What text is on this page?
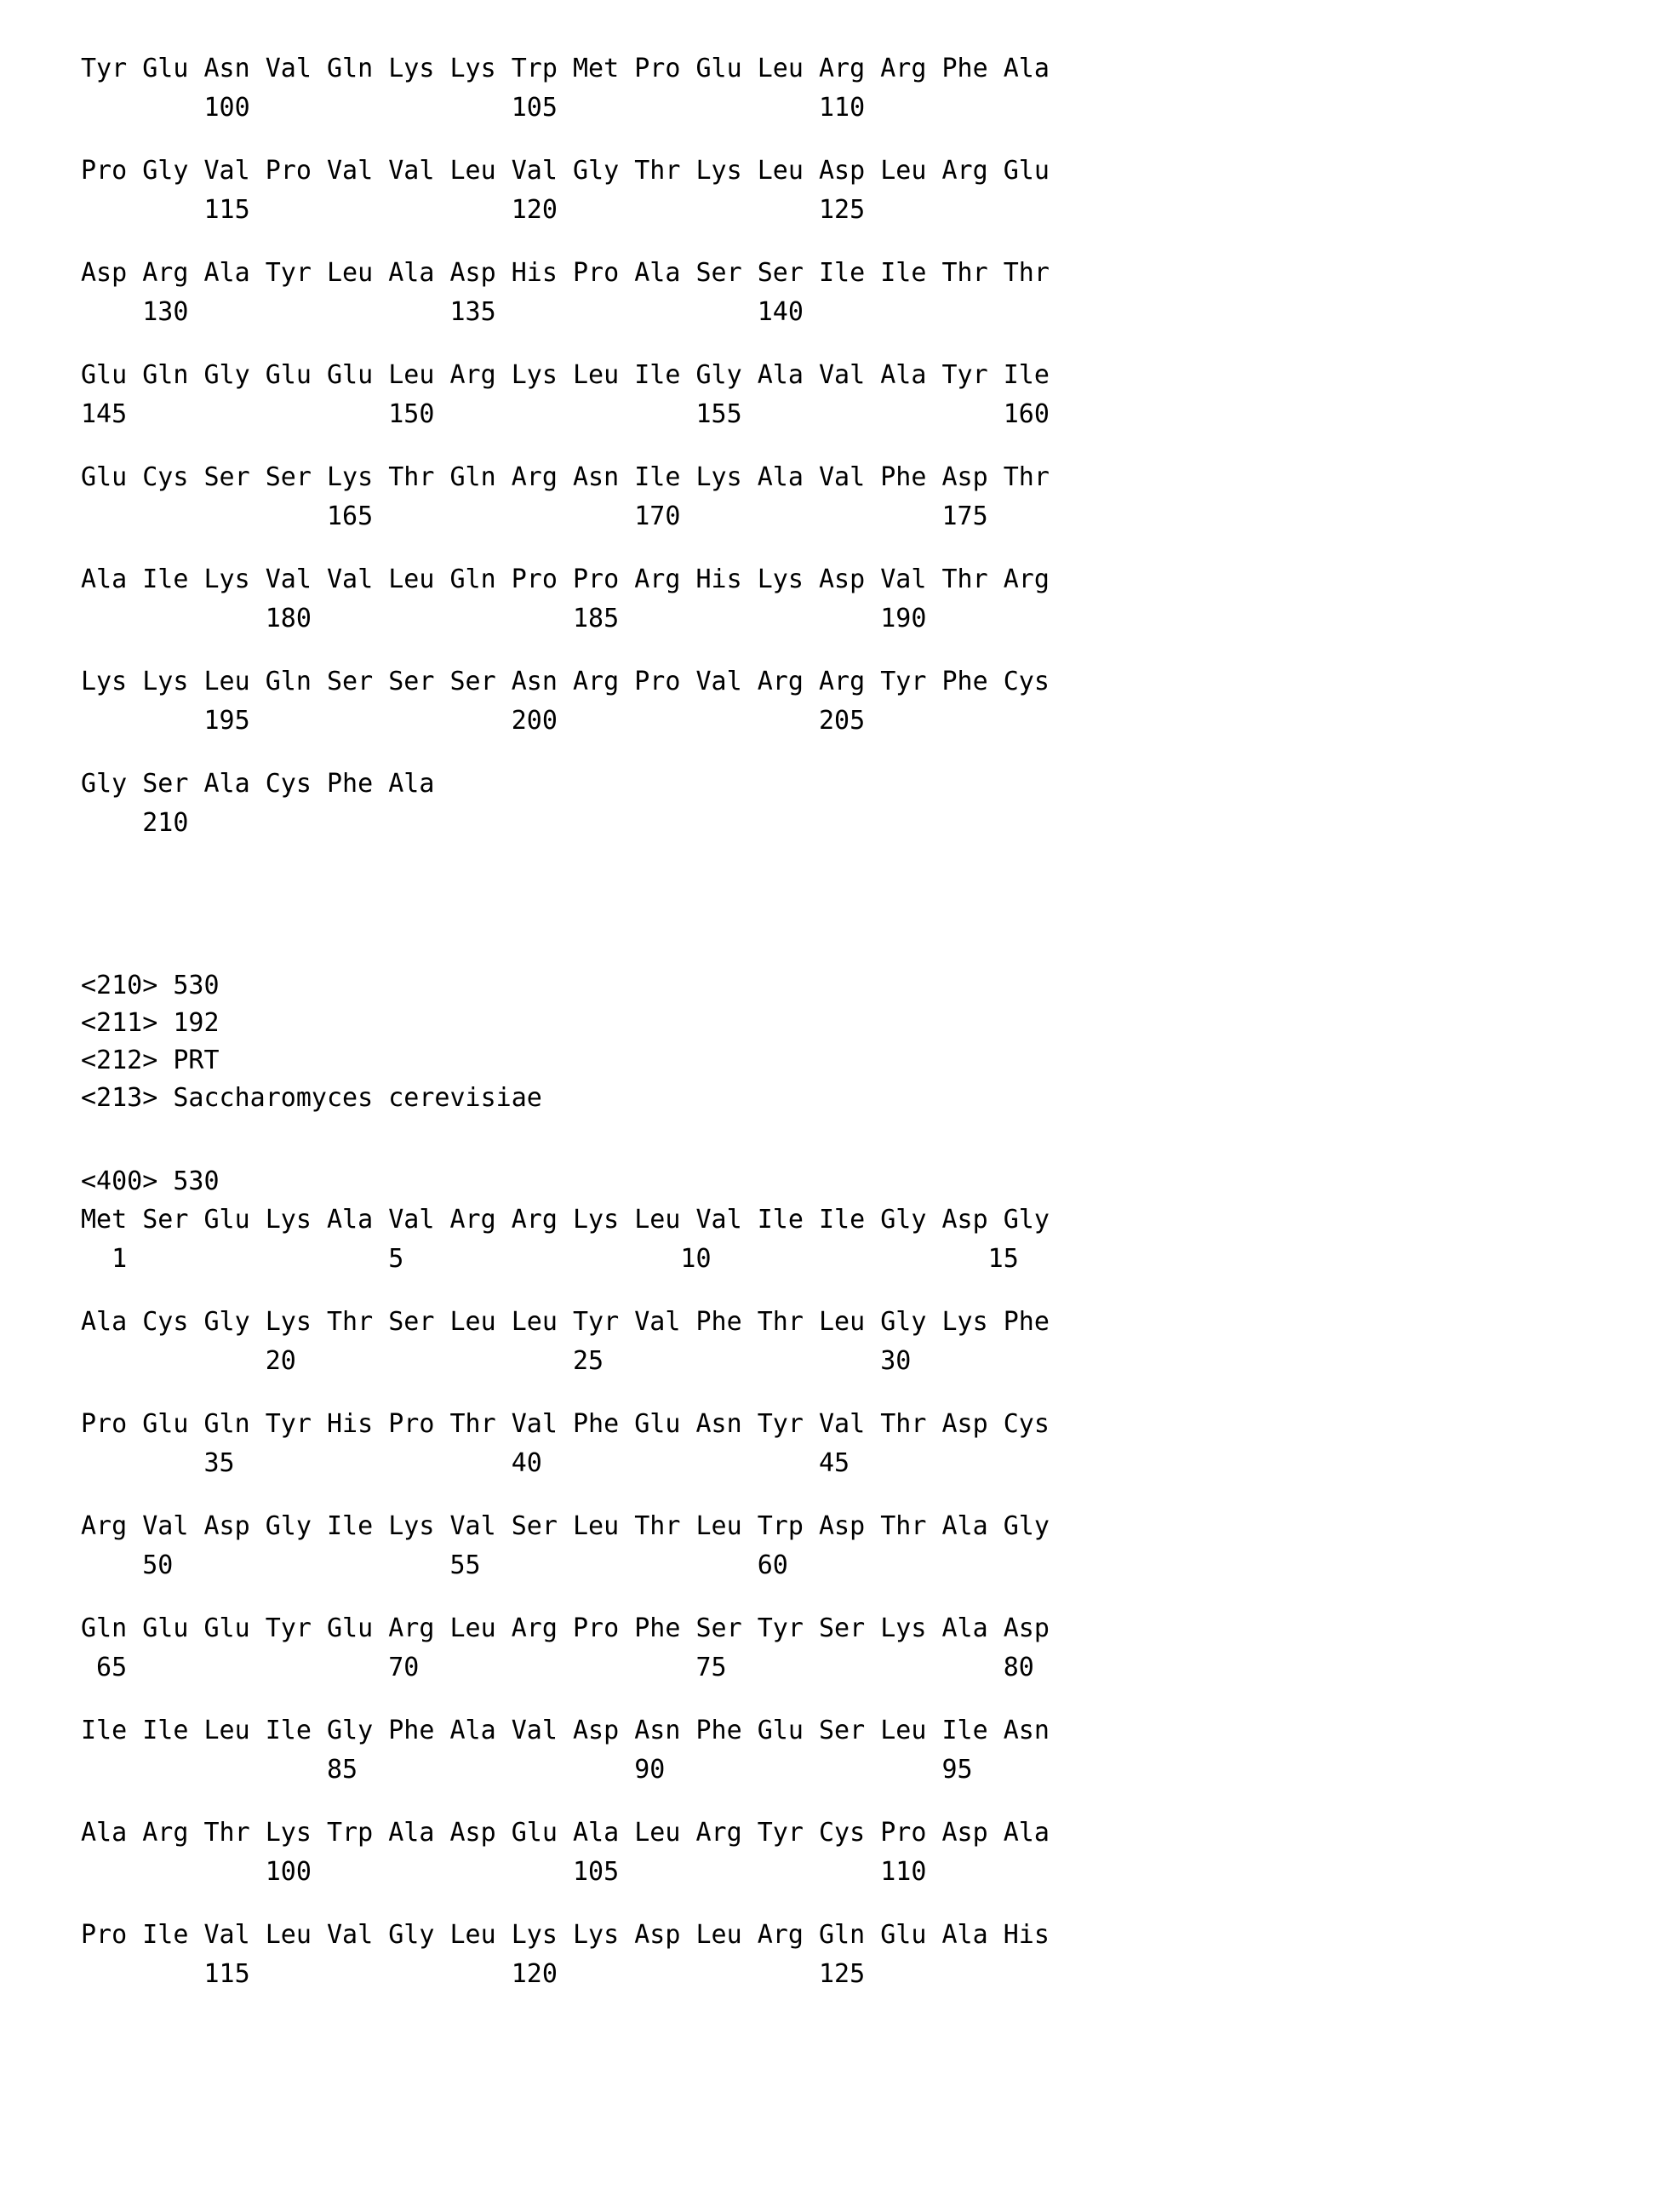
Tyr Glu Asn Val Gln Lys Lys Trp Met Pro Glu Leu Arg Arg Phe Ala
100                 105                 110
Pro Gly Val Pro Val Val Leu Val Gly Thr Lys Leu Asp Leu Arg Glu
115                 120                 125
Asp Arg Ala Tyr Leu Ala Asp His Pro Ala Ser Ser Ile Ile Thr Thr
130                 135                 140
Glu Gln Gly Glu Glu Leu Arg Lys Leu Ile Gly Ala Val Ala Tyr Ile
145                 150                 155                 160
Glu Cys Ser Ser Lys Thr Gln Arg Asn Ile Lys Ala Val Phe Asp Thr
165                 170                 175
Ala Ile Lys Val Val Leu Gln Pro Pro Arg His Lys Asp Val Thr Arg
180                 185                 190
Lys Lys Leu Gln Ser Ser Ser Asn Arg Pro Val Arg Arg Tyr Phe Cys
195                 200                 205
Gly Ser Ala Cys Phe Ala
210
<210> 530
<211> 192
<212> PRT
<213> Saccharomyces cerevisiae
<400> 530
Met Ser Glu Lys Ala Val Arg Arg Lys Leu Val Ile Ile Gly Asp Gly
1                 5                  10                  15
Ala Cys Gly Lys Thr Ser Leu Leu Tyr Val Phe Thr Leu Gly Lys Phe
20                  25                  30
Pro Glu Gln Tyr His Pro Thr Val Phe Glu Asn Tyr Val Thr Asp Cys
35                  40                  45
Arg Val Asp Gly Ile Lys Val Ser Leu Thr Leu Trp Asp Thr Ala Gly
50                  55                  60
Gln Glu Glu Tyr Glu Arg Leu Arg Pro Phe Ser Tyr Ser Lys Ala Asp
65                 70                  75                  80
Ile Ile Leu Ile Gly Phe Ala Val Asp Asn Phe Glu Ser Leu Ile Asn
85                  90                  95
Ala Arg Thr Lys Trp Ala Asp Glu Ala Leu Arg Tyr Cys Pro Asp Ala
100                 105                 110
Pro Ile Val Leu Val Gly Leu Lys Lys Asp Leu Arg Gln Glu Ala His
115                 120                 125
